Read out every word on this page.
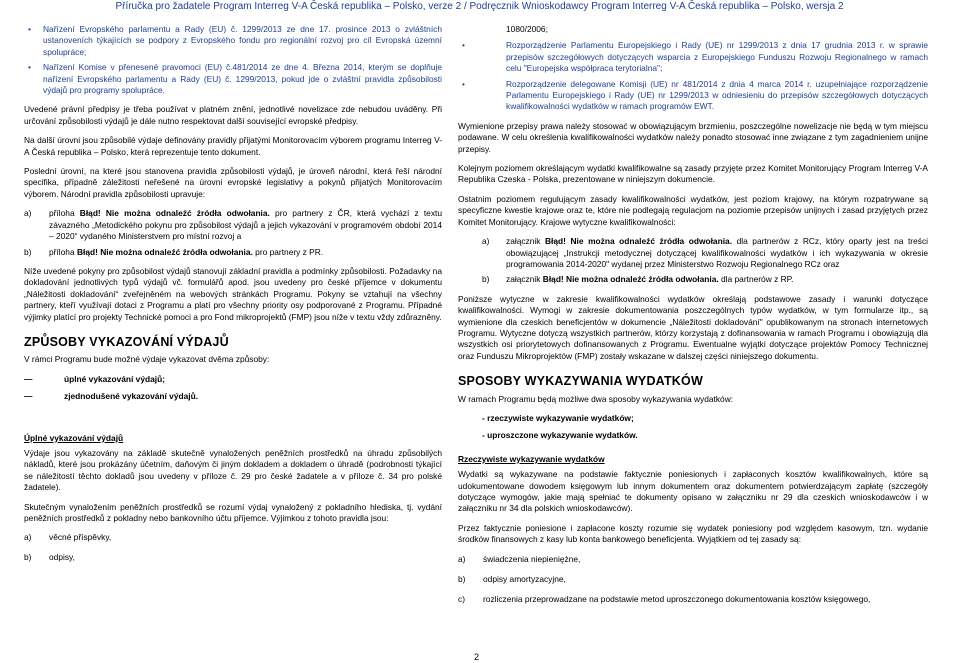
Příručka pro žadatele Program Interreg V-A Česká republika – Polsko, verze 2 / Podręcznik Wnioskodawcy Program Interreg V-A Česká republika – Polsko, wersja 2
• Nařízení Evropského parlamentu a Rady (EU) č. 1299/2013 ze dne 17. prosince 2013 o zvláštních ustanoveních týkajících se podpory z Evropského fondu pro regionální rozvoj pro cíl Evropská územní spolupráce;
• Nařízení Komise v přenesené pravomoci (EU) č.481/2014 ze dne 4. Března 2014, kterým se doplňuje nařízení Evropského parlamentu a Rady (EU) č. 1299/2013, pokud jde o zvláštní pravidla způsobilosti výdajů pro programy spolupráce.

Uvedené právní předpisy je třeba používat v platném znění, jednotlivé novelizace zde nebudou uváděny. Při určování způsobilosti výdajů je dále nutno respektovat další související evropské předpisy.

Na další úrovni jsou způsobilé výdaje definovány pravidly přijatými Monitorovacím výborem programu Interreg V-A Česká republika – Polsko, která reprezentuje tento dokument.

Poslední úrovní, na které jsou stanovena pravidla způsobilosti výdajů, je úroveň národní, která řeší národní specifika, případně záležitosti neřešené na úrovni evropské legislativy a pokynů přijatých Monitorovacím výborem. Národní pravidla způsobilosti upravuje:

a) příloha Błąd! Nie można odnaleźć źródła odwołania. pro partnery z ČR, která vychází z textu závazného „Metodického pokynu pro způsobilost výdajů a jejich vykazování v programovém období 2014 – 2020“ vydaného Ministerstvem pro místní rozvoj a
b) příloha Błąd! Nie można odnaleźć źródła odwołania. pro partnery z PR.

Níže uvedené pokyny pro způsobilost výdajů stanovují základní pravidla a podmínky způsobilosti. Požadavky na dokladování jednotlivých typů výdajů vč. formulářů apod. jsou uvedeny pro české příjemce v dokumentu „Náležitosti dokladování“ zveřejněném na webových stránkách Programu. Pokyny se vztahují na všechny partnery, kteří využívají dotaci z Programu a platí pro všechny priority osy podporované z Programu. Případné výjimky platící pro projekty Technické pomoci a pro Fond mikroprojektů (FMP) jsou níže v textu vždy zdůrazněny.

ZPŮSOBY VYKAZOVÁNÍ VÝDAJŮ

V rámci Programu bude možné výdaje vykazovat dvěma způsoby:

— úplné vykazování výdajů;
— zjednodušené vykazování výdajů.

Úplné vykazování výdajů

Výdaje jsou vykazovány na základě skutečně vynaložených peněžních prostředků na úhradu způsobilých nákladů, které jsou prokázány účetním, daňovým či jiným dokladem a dokladem o úhradě (podrobnosti týkající se náležitostí těchto dokladů jsou uvedeny v příloze č. 29 pro české žadatele a v příloze č. 34 pro polské žadatele).

Skutečným vynaložením peněžních prostředků se rozumí výdaj vynaložený z pokladního hlediska, tj. vydání peněžních prostředků z pokladny nebo bankovního účtu příjemce. Výjimkou z tohoto pravidla jsou:

a) věcné příspěvky,
b) odpisy,

1080/2006;

• Rozporządzenie Parlamentu Europejskiego i Rady (UE) nr 1299/2013 z dnia 17 grudnia 2013 r. w sprawie przepisów szczegółowych dotyczących wsparcia z Europejskiego Funduszu Rozwoju Regionalnego w ramach celu "Europejska współpraca terytorialna";
• Rozporządzenie delegowane Komisji (UE) nr 481/2014 z dnia 4 marca 2014 r. uzupełniające rozporządzenie Parlamentu Europejskiego i Rady (UE) nr 1299/2013 w odniesieniu do przepisów szczegółowych dotyczących kwalifikowalności wydatków w ramach programów EWT.

Wymienione przepisy prawa należy stosować w obowiązującym brzmieniu, poszczególne nowelizacje nie będą w tym miejscu podawane. W celu określenia kwalifikowalności wydatków należy ponadto stosować inne związane z tym zagadnieniem unijne przepisy.

Kolejnym poziomem określającym wydatki kwalifikowalne są zasady przyjęte przez Komitet Monitorujący Program Interreg V-A Republika Czeska - Polska, prezentowane w niniejszym dokumencie.

Ostatnim poziomem regulującym zasady kwalifikowalności wydatków, jest poziom krajowy, na którym rozpatrywane są specyficzne kwestie krajowe oraz te, które nie podlegają regulacjom na poziomie przepisów unijnych i zasad przyjętych przez Komitet Monitorujący. Krajowe wytyczne kwalifikowalności:

a) załącznik Błąd! Nie można odnaleźć źródła odwołania. dla partnerów z RCz, który oparty jest na treści obowiązującej „Instrukcji metodycznej dotyczącej kwalifikowalności wydatków i ich wykazywania w okresie programowania 2014-2020" wydanej przez Ministerstwo Rozwoju Regionalnego RCz oraz
b) załącznik Błąd! Nie można odnaleźć źródła odwołania. dla partnerów z RP.

Poniższe wytyczne w zakresie kwalifikowalności wydatków określają podstawowe zasady i warunki dotyczące kwalifikowalności. Wymogi w zakresie dokumentowania poszczególnych typów wydatków, w tym formularze itp., są wymienione dla czeskich beneficjentów w dokumencie „Náležitosti dokladování" opublikowanym na stronach internetowych Programu. Wytyczne dotyczą wszystkich partnerów, którzy korzystają z dofinansowania w ramach Programu i obowiązują dla wszystkich osi priorytetowych dofinansowanych z Programu. Ewentualne wyjątki dotyczące projektów Pomocy Technicznej oraz Funduszu Mikroprojektów (FMP) zostały wskazane w dalszej części niniejszego dokumentu.

SPOSOBY WYKAZYWANIA WYDATKÓW

W ramach Programu będą możliwe dwa sposoby wykazywania wydatków:

- rzeczywiste wykazywanie wydatków;
- uproszczone wykazywanie wydatków.

Rzeczywiste wykazywanie wydatków

Wydatki są wykazywane na podstawie faktycznie poniesionych i zapłaconych kosztów kwalifikowalnych, które są udokumentowane dowodem księgowym lub innym dokumentem oraz dokumentem potwierdzającym zapłatę (szczegóły dotyczące wymogów, jakie mają spełniać te dokumenty opisano w załączniku nr 29 dla czeskich wnioskodawców i w załączniku nr 34 dla polskich wnioskodawców).

Przez faktycznie poniesione i zapłacone koszty rozumie się wydatek poniesiony pod względem kasowym, tzn. wydanie środków finansowych z kasy lub konta bankowego beneficjenta. Wyjątkiem od tej zasady są:

a) świadczenia niepieniężne,
b) odpisy amortyzacyjne,
c) rozliczenia przeprowadzane na podstawie metod uproszczonego dokumentowania kosztów księgowego,
2
